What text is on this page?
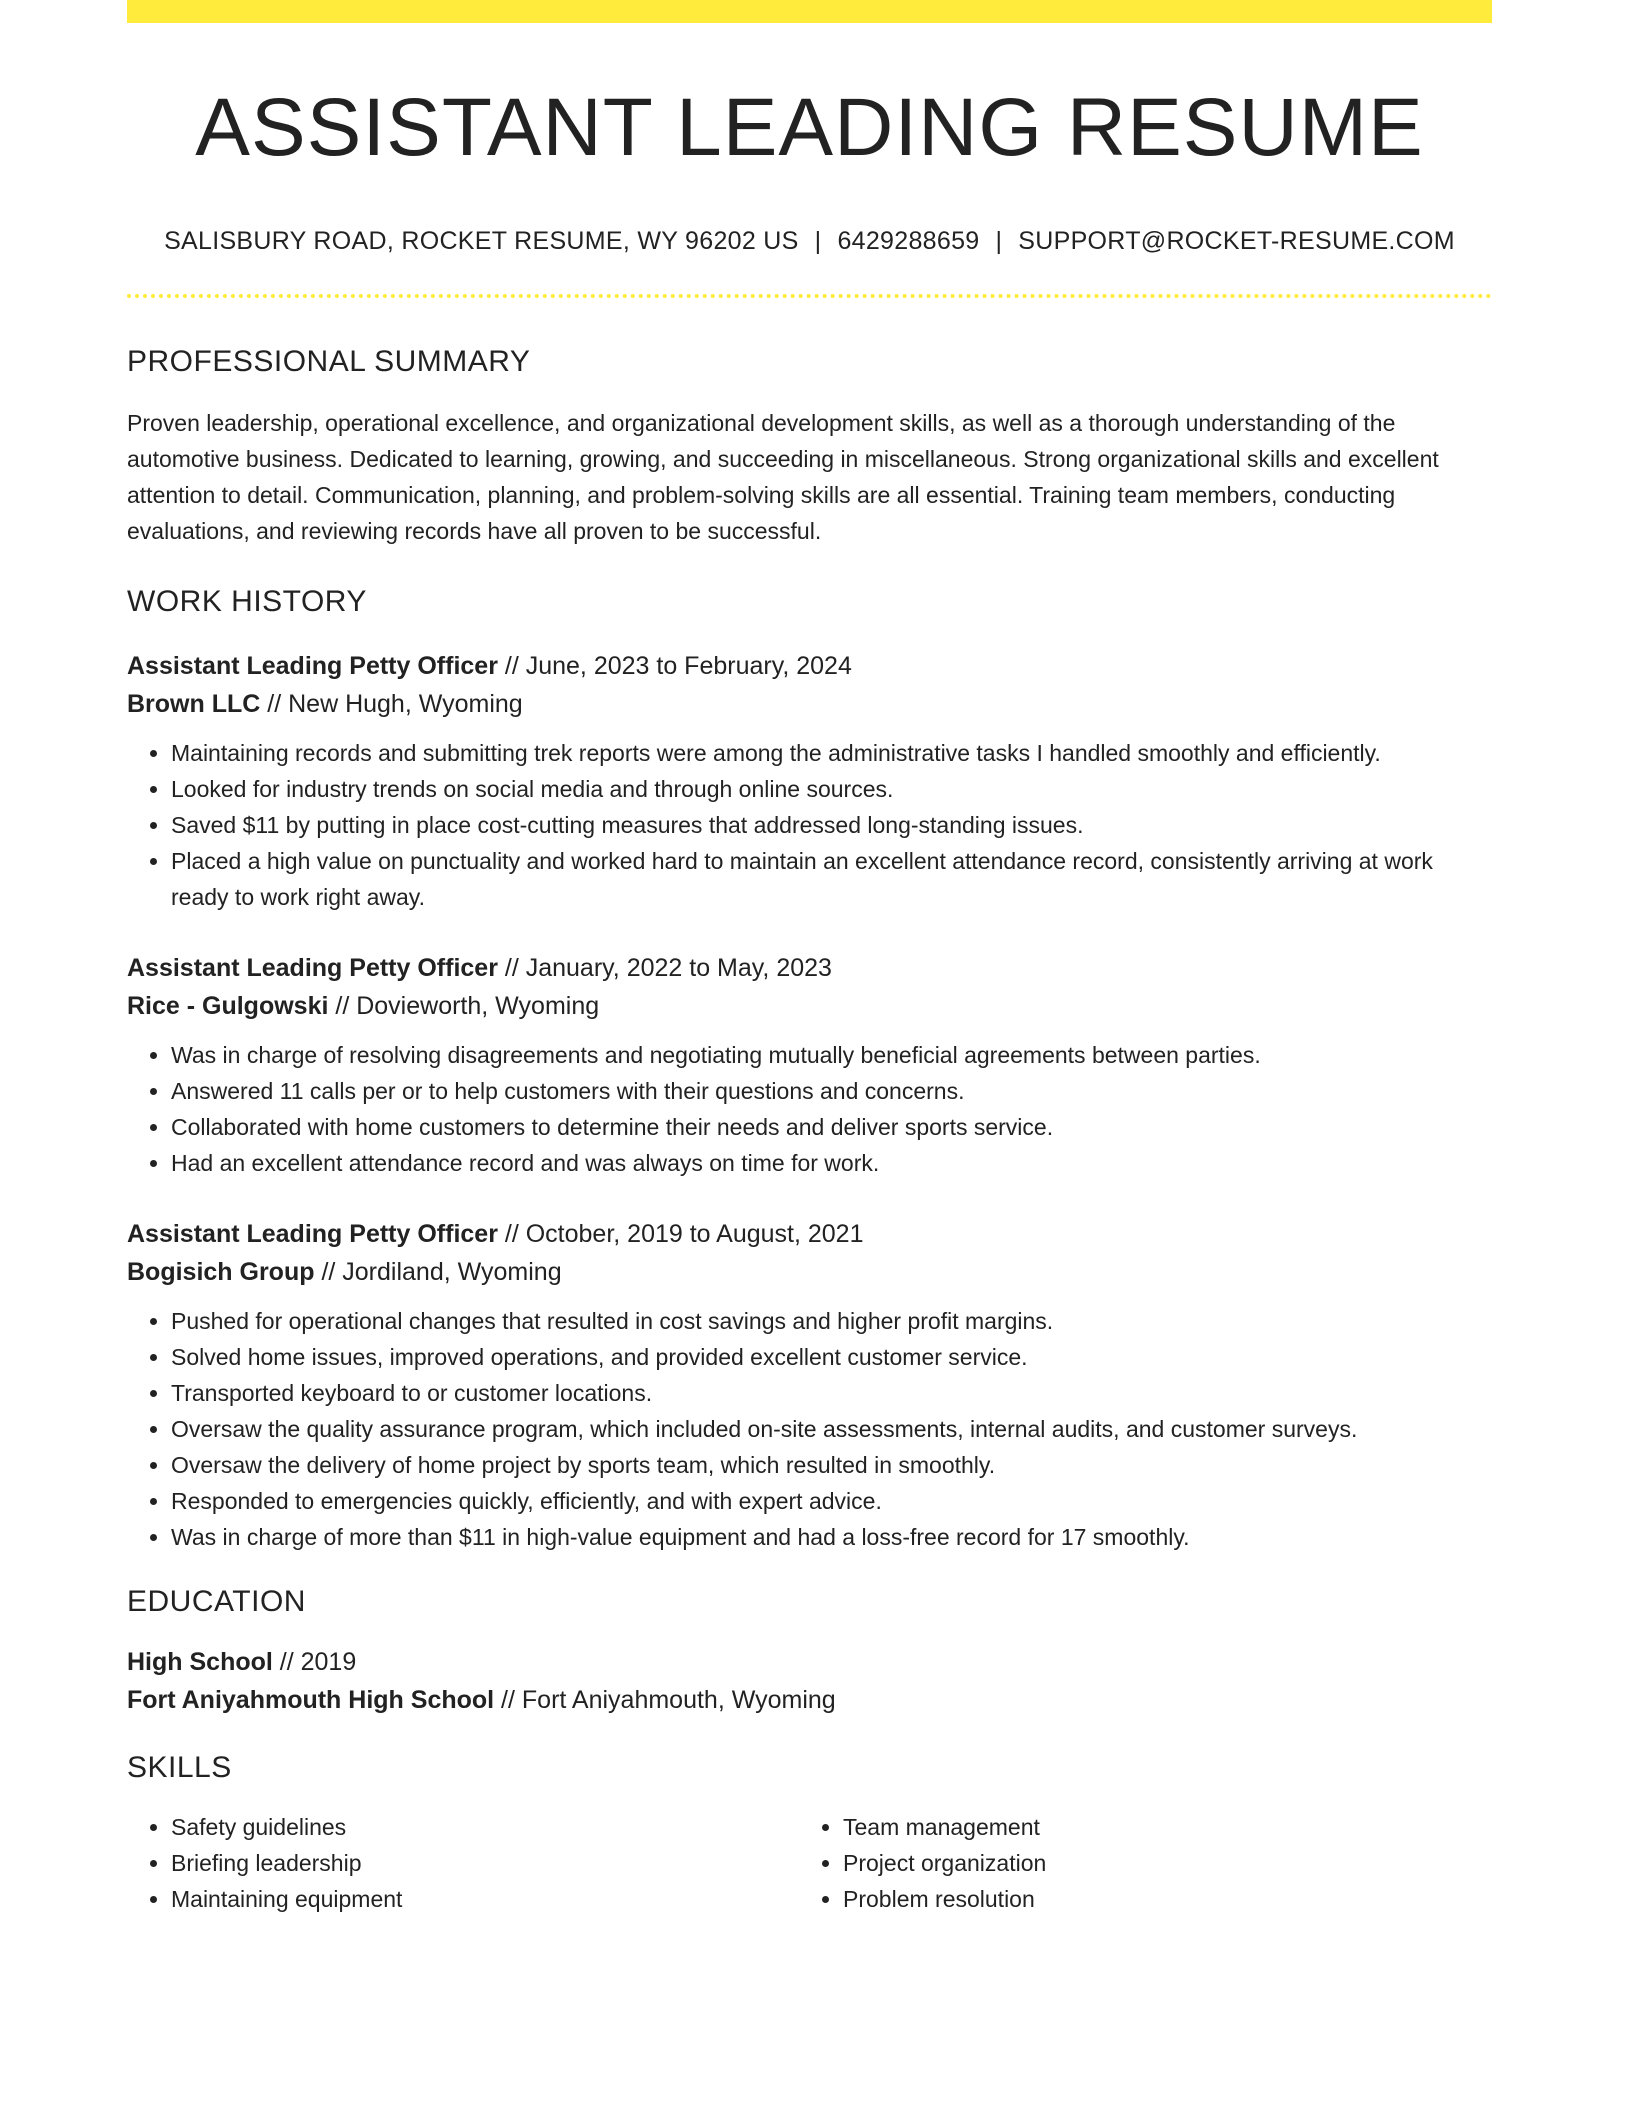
ASSISTANT LEADING RESUME
SALISBURY ROAD, ROCKET RESUME, WY 96202 US | 6429288659 | SUPPORT@ROCKET-RESUME.COM
PROFESSIONAL SUMMARY

Proven leadership, operational excellence, and organizational development skills, as well as a thorough understanding of the automotive business. Dedicated to learning, growing, and succeeding in miscellaneous. Strong organizational skills and excellent attention to detail. Communication, planning, and problem-solving skills are all essential. Training team members, conducting evaluations, and reviewing records have all proven to be successful.

WORK HISTORY
Assistant Leading Petty Officer // June, 2023 to February, 2024
Brown LLC // New Hugh, Wyoming
• Maintaining records and submitting trek reports were among the administrative tasks I handled smoothly and efficiently.
• Looked for industry trends on social media and through online sources.
• Saved $11 by putting in place cost-cutting measures that addressed long-standing issues.
• Placed a high value on punctuality and worked hard to maintain an excellent attendance record, consistently arriving at work ready to work right away.
Assistant Leading Petty Officer // January, 2022 to May, 2023
Rice - Gulgowski // Dovieworth, Wyoming
• Was in charge of resolving disagreements and negotiating mutually beneficial agreements between parties.
• Answered 11 calls per or to help customers with their questions and concerns.
• Collaborated with home customers to determine their needs and deliver sports service.
• Had an excellent attendance record and was always on time for work.
Assistant Leading Petty Officer // October, 2019 to August, 2021
Bogisich Group // Jordiland, Wyoming
• Pushed for operational changes that resulted in cost savings and higher profit margins.
• Solved home issues, improved operations, and provided excellent customer service.
• Transported keyboard to or customer locations.
• Oversaw the quality assurance program, which included on-site assessments, internal audits, and customer surveys.
• Oversaw the delivery of home project by sports team, which resulted in smoothly.
• Responded to emergencies quickly, efficiently, and with expert advice.
• Was in charge of more than $11 in high-value equipment and had a loss-free record for 17 smoothly.
EDUCATION
High School // 2019
Fort Aniyahmouth High School // Fort Aniyahmouth, Wyoming
SKILLS
• Safety guidelines
• Briefing leadership
• Maintaining equipment
• Team management
• Project organization
• Problem resolution
